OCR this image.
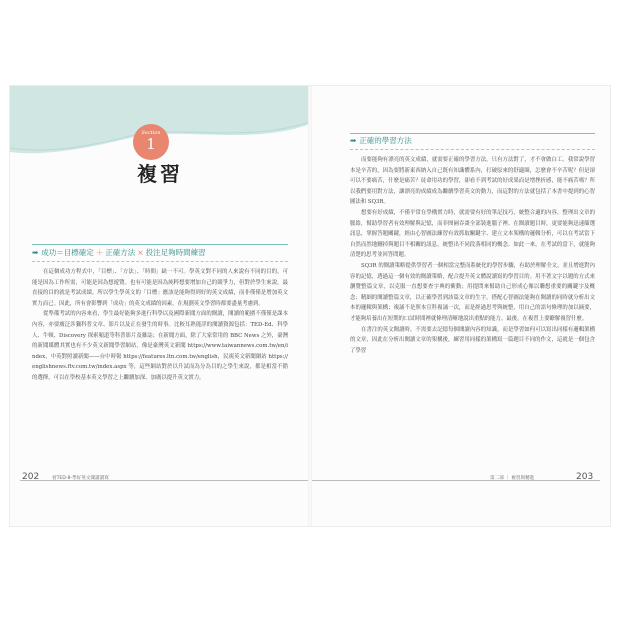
Section
1
複習
➡ 成功＝目標確定 ＋ 正確方法 × 投注足夠時間練習

在這個成功方程式中，「目標」、「方法」、「時間」缺一不可。學英文對不同的人來說有不同的目的，可能是因為工作所需，可能是因為想遊覽。也有可能是因為純粹想要增加自己的競爭力，但對於學生來說，最直接的目的就是考試成績。所以學生學英文的「目標」應該是能夠得到好的英文成績，而非僅僅是增加英文實力而已。因此，所有會影響到「成功」的英文成績的因素，在規劃英文學習時都要盡量考慮到。

從準備考試的內容來看，學生最好能夠多進行科學以及國際新聞方面的閱讀，閱讀的範圍不僅僅是課本內容，亦要廣泛涉獵科普文章、影片以及正在發生的時事。比較耳熟能詳的閱讀資源包括：TED-Ed、科學人、牛頓、Discovery 探索頻道等科普影片及雜誌；在新聞方面，除了大家常用的 BBC News 之外，臺灣的新聞媒體其實也有不少英文新聞學習網站，像是臺灣英文新聞 https://www.taiwannews.com.tw/en/index，中英對照讀新聞——台中時報 https://features.ltn.com.tw/english，民視英文新聞網站 https://englishnews.ftv.com.tw/index.aspx 等，這些網站對於以升試而為分為目的之學生來說，都是相當不錯的選擇，可以在學校基本英文學習之上繼續加深、加廣以提升英文實力。

202	看TED-8-學好英文閱讀讀寫
➡ 正確的學習方法

而要能夠有漂亮的英文成績，就需要正確的學習方法。只有方法對了，才不會做白工。我常說學習本是辛苦的，因為要將新東西納入自己既有知識體系內，打破原來的舒適圈，怎麼會不辛苦呢？但是卻可以不要痛苦，什麼是痛苦？徒命用功的學習，卻看不到考試的好成果而是增挫折感，能不痛苦嗎？所以我們要用對方法，讓漂亮的成績成為繼續學習英文的動力，而這對的方法就包括了本書中提到的心智圖法和 SQ3R。

想要有好成績，不僅平常在學構實力時，就需要有好的筆記技巧，統整合適的內容，整理出文章的脈絡，幫助學習者有效理解與記憶，而非囫圇吞棗全部裝進腦子裡。在閱讀題目時，更要能夠迅速篩選訊息，掌握答題關鍵，經由心智圖法練習有效抓取關鍵字、建立文本架構的邏輯分析，可以在考試當下自然而然地刪掉與題目不相關的訊息，統整出不同段落相同的概念。如此一來，在考試的當下，就能夠清楚的思考並回答問題。

SQ3R 的閱讀策略提供學習者一個相當完整而系統化的學習步驟，有助於理解全文，並且增進對內容的記憶，透過這一個有效的閱讀策略，配合提升英文體說讀寫的學習目的。用不著文字以題的方式來瀏覽整篇文章，以克服一直想要查字典的衝動；用提問來幫助自己形成心像以聯想重要的關鍵字及概念；精細的閱讀整篇文章，以正確學習到該篇文章的生字，搭配心智圖法能夠在閱讀的同時就分析出文本的邏輯與架構；複誦不是照本宣科複誦一次，而是經過思考與統整，用自己的語句條理的加以摘要，才能夠培養出在短期的口試時間裡就條理清晰地說出重點的能力。最後，在複習上要瞭解複習什麼。

在書注的英文閱讀時，不需要去記憶每個閱讀內容的知識，而是學習如何可以寫出同樣有邏輯架構的文章，因此在分析出閱讀文章的架構後，練習用同樣的架構寫一篇題目不同的作文，這就是一個包含了學習

第二部 ｜ 複習與精進	203
